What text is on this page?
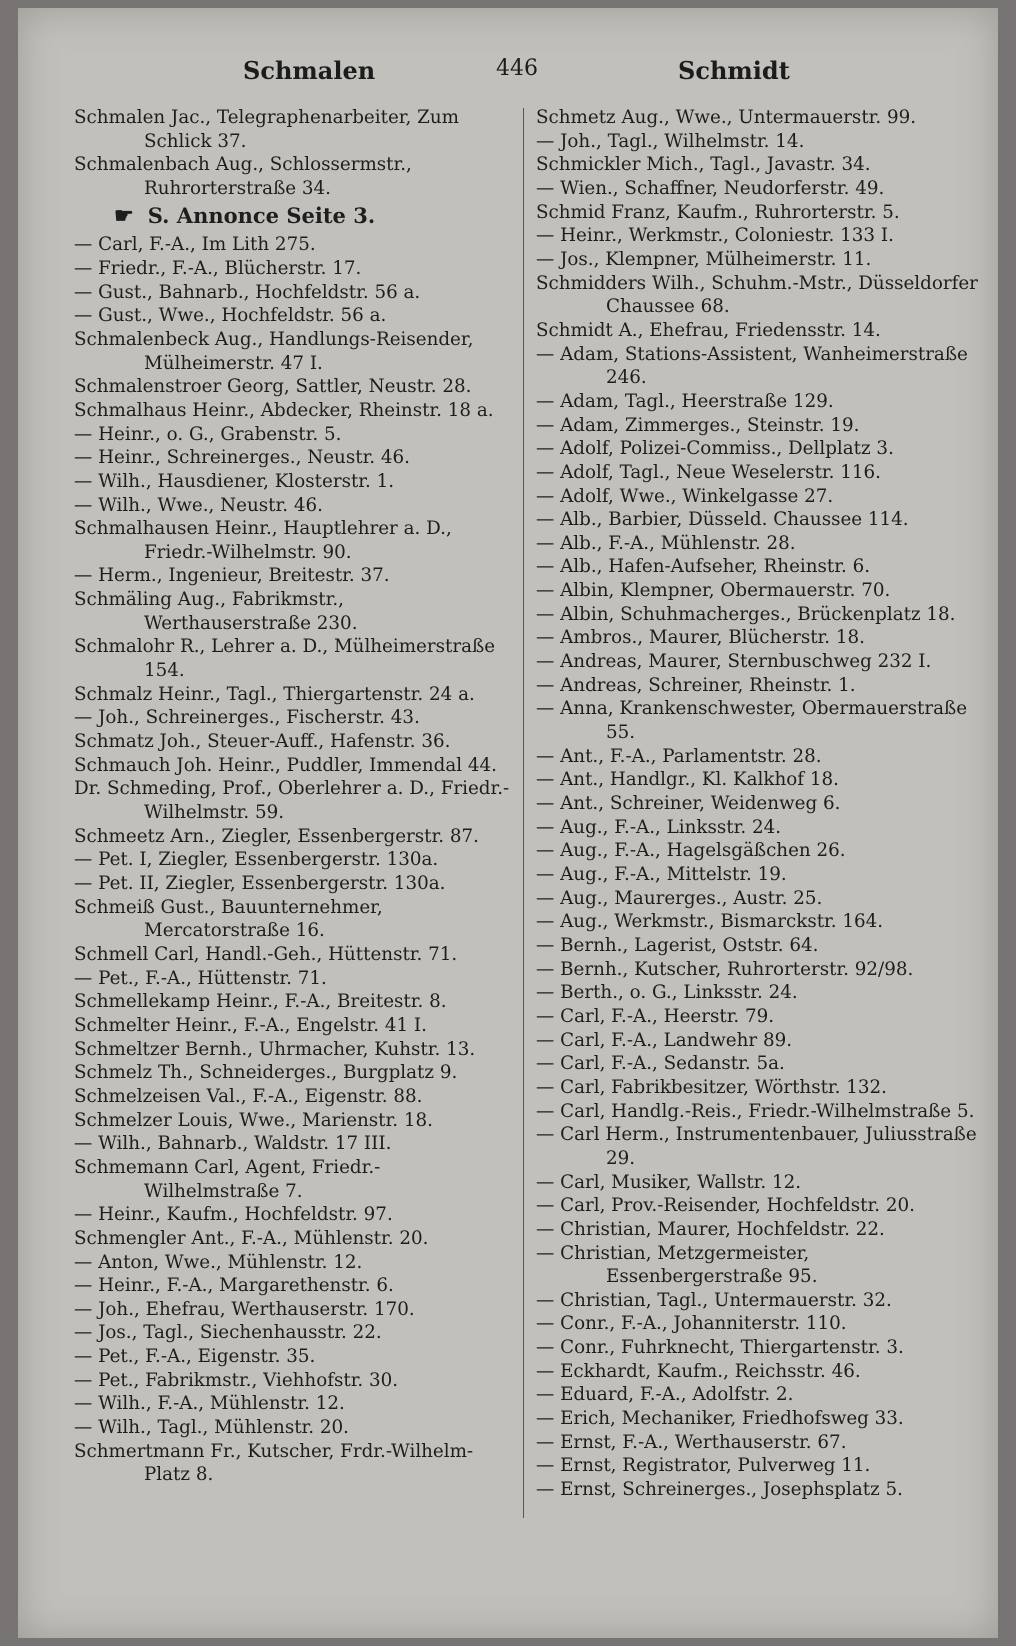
Schmalen	446	Schmidt
Schmalen Jac., Telegraphenarbeiter, Zum Schlick 37.
Schmalenbach Aug., Schlossermstr., Ruhrorterstraße 34.
☛ S. Annonce Seite 3.
— Carl, F.-A., Im Lith 275.
— Friedr., F.-A., Blücherstr. 17.
— Gust., Bahnarb., Hochfeldstr. 56 a.
— Gust., Wwe., Hochfeldstr. 56 a.
Schmalenbeck Aug., Handlungs-Reisender, Mülheimerstr. 47 I.
Schmalenstroer Georg, Sattler, Neustr. 28.
Schmalhaus Heinr., Abdecker, Rheinstr. 18 a.
— Heinr., o. G., Grabenstr. 5.
— Heinr., Schreinerges., Neustr. 46.
— Wilh., Hausdiener, Klosterstr. 1.
— Wilh., Wwe., Neustr. 46.
Schmalhausen Heinr., Hauptlehrer a. D., Friedr.-Wilhelmstr. 90.
— Herm., Ingenieur, Breitestr. 37.
Schmäling Aug., Fabrikmstr., Werthauserstraße 230.
Schmalohr R., Lehrer a. D., Mülheimerstraße 154.
Schmalz Heinr., Tagl., Thiergartenstr. 24 a.
— Joh., Schreinerges., Fischerstr. 43.
Schmatz Joh., Steuer-Auff., Hafenstr. 36.
Schmauch Joh. Heinr., Puddler, Immendal 44.
Dr. Schmeding, Prof., Oberlehrer a. D., Friedr.-Wilhelmstr. 59.
Schmeetz Arn., Ziegler, Essenbergerstr. 87.
— Pet. I, Ziegler, Essenbergerstr. 130a.
— Pet. II, Ziegler, Essenbergerstr. 130a.
Schmeiß Gust., Bauunternehmer, Mercatorstraße 16.
Schmell Carl, Handl.-Geh., Hüttenstr. 71.
— Pet., F.-A., Hüttenstr. 71.
Schmellekamp Heinr., F.-A., Breitestr. 8.
Schmelter Heinr., F.-A., Engelstr. 41 I.
Schmeltzer Bernh., Uhrmacher, Kuhstr. 13.
Schmelz Th., Schneiderges., Burgplatz 9.
Schmelzeisen Val., F.-A., Eigenstr. 88.
Schmelzer Louis, Wwe., Marienstr. 18.
— Wilh., Bahnarb., Waldstr. 17 III.
Schmemann Carl, Agent, Friedr.-Wilhelmstraße 7.
— Heinr., Kaufm., Hochfeldstr. 97.
Schmengler Ant., F.-A., Mühlenstr. 20.
— Anton, Wwe., Mühlenstr. 12.
— Heinr., F.-A., Margarethenstr. 6.
— Joh., Ehefrau, Werthauserstr. 170.
— Jos., Tagl., Siechenhausstr. 22.
— Pet., F.-A., Eigenstr. 35.
— Pet., Fabrikmstr., Viehhofstr. 30.
— Wilh., F.-A., Mühlenstr. 12.
— Wilh., Tagl., Mühlenstr. 20.
Schmertmann Fr., Kutscher, Frdr.-Wilhelm-Platz 8.
Schmetz Aug., Wwe., Untermauerstr. 99.
— Joh., Tagl., Wilhelmstr. 14.
Schmickler Mich., Tagl., Javastr. 34.
— Wien., Schaffner, Neudorferstr. 49.
Schmid Franz, Kaufm., Ruhrorterstr. 5.
— Heinr., Werkmstr., Coloniestr. 133 I.
— Jos., Klempner, Mülheimerstr. 11.
Schmidders Wilh., Schuhm.-Mstr., Düsseldorfer Chaussee 68.
Schmidt A., Ehefrau, Friedensstr. 14.
— Adam, Stations-Assistent, Wanheimerstraße 246.
— Adam, Tagl., Heerstraße 129.
— Adam, Zimmerges., Steinstr. 19.
— Adolf, Polizei-Commiss., Dellplatz 3.
— Adolf, Tagl., Neue Weselerstr. 116.
— Adolf, Wwe., Winkelgasse 27.
— Alb., Barbier, Düsseld. Chaussee 114.
— Alb., F.-A., Mühlenstr. 28.
— Alb., Hafen-Aufseher, Rheinstr. 6.
— Albin, Klempner, Obermauerstr. 70.
— Albin, Schuhmacherges., Brückenplatz 18.
— Ambros., Maurer, Blücherstr. 18.
— Andreas, Maurer, Sternbuschweg 232 I.
— Andreas, Schreiner, Rheinstr. 1.
— Anna, Krankenschwester, Obermauerstraße 55.
— Ant., F.-A., Parlamentstr. 28.
— Ant., Handlgr., Kl. Kalkhof 18.
— Ant., Schreiner, Weidenweg 6.
— Aug., F.-A., Linksstr. 24.
— Aug., F.-A., Hagelsgäßchen 26.
— Aug., F.-A., Mittelstr. 19.
— Aug., Maurerges., Austr. 25.
— Aug., Werkmstr., Bismarckstr. 164.
— Bernh., Lagerist, Oststr. 64.
— Bernh., Kutscher, Ruhrorterstr. 92/98.
— Berth., o. G., Linksstr. 24.
— Carl, F.-A., Heerstr. 79.
— Carl, F.-A., Landwehr 89.
— Carl, F.-A., Sedanstr. 5a.
— Carl, Fabrikbesitzer, Wörthstr. 132.
— Carl, Handlg.-Reis., Friedr.-Wilhelmstraße 5.
— Carl Herm., Instrumentenbauer, Juliusstraße 29.
— Carl, Musiker, Wallstr. 12.
— Carl, Prov.-Reisender, Hochfeldstr. 20.
— Christian, Maurer, Hochfeldstr. 22.
— Christian, Metzgermeister, Essenbergerstraße 95.
— Christian, Tagl., Untermauerstr. 32.
— Conr., F.-A., Johanniterstr. 110.
— Conr., Fuhrknecht, Thiergartenstr. 3.
— Eckhardt, Kaufm., Reichsstr. 46.
— Eduard, F.-A., Adolfstr. 2.
— Erich, Mechaniker, Friedhofsweg 33.
— Ernst, F.-A., Werthauserstr. 67.
— Ernst, Registrator, Pulverweg 11.
— Ernst, Schreinerges., Josephsplatz 5.
